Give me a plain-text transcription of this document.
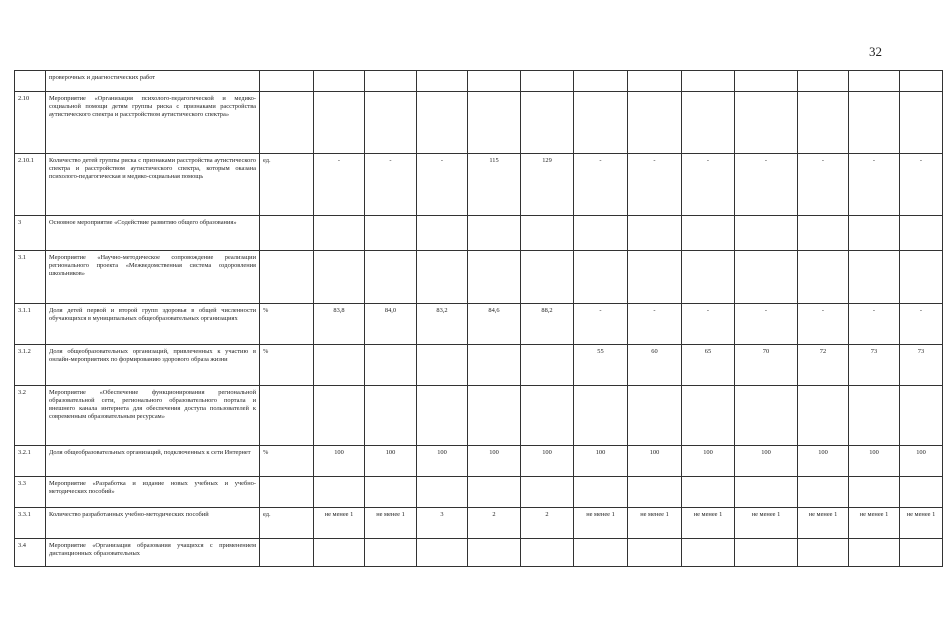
32
	проверочных и диагностических работ													
2.10	Мероприятие «Организация психолого-педагогической и медико-социальной помощи детям группы риска с признаками расстройства аутистического спектра и расстройством аутистического спектра»													
2.10.1	Количество детей группы риска с признаками расстройства аутистического спектра и расстройством аутистического спектра, которым оказана психолого-педагогическая и медико-социальная помощь	ед.	-	-	-	115	129	-	-	-	-	-	-	-
3	Основное мероприятие «Содействие развитию общего образования»													
3.1	Мероприятие «Научно-методическое сопровождение реализации регионального проекта «Межведомственная система оздоровления школьников»													
3.1.1	Доля детей первой и второй групп здоровья в общей численности обучающихся в муниципальных общеобразовательных организациях	%	83,8	84,0	83,2	84,6	88,2	-	-	-	-	-	-	-
3.1.2	Доля общеобразовательных организаций, привлеченных к участию в онлайн-мероприятиях по формированию здорового образа жизни	%						55	60	65	70	72	73	73
3.2	Мероприятие «Обеспечение функционирования региональной образовательной сети, регионального образовательного портала и внешнего канала интернета для обеспечения доступа пользователей к современным образовательным ресурсам»													
3.2.1	Доля общеобразовательных организаций, подключенных к сети Интернет	%	100	100	100	100	100	100	100	100	100	100	100	100
3.3	Мероприятие «Разработка и издание новых учебных и учебно-методических пособий»													
3.3.1	Количество разработанных учебно-методических пособий	ед.	не менее 1	не менее 1	3	2	2	не менее 1	не менее 1	не менее 1	не менее 1	не менее 1	не менее 1	не менее 1
3.4	Мероприятие «Организация образования учащихся с применением дистанционных образовательных													
